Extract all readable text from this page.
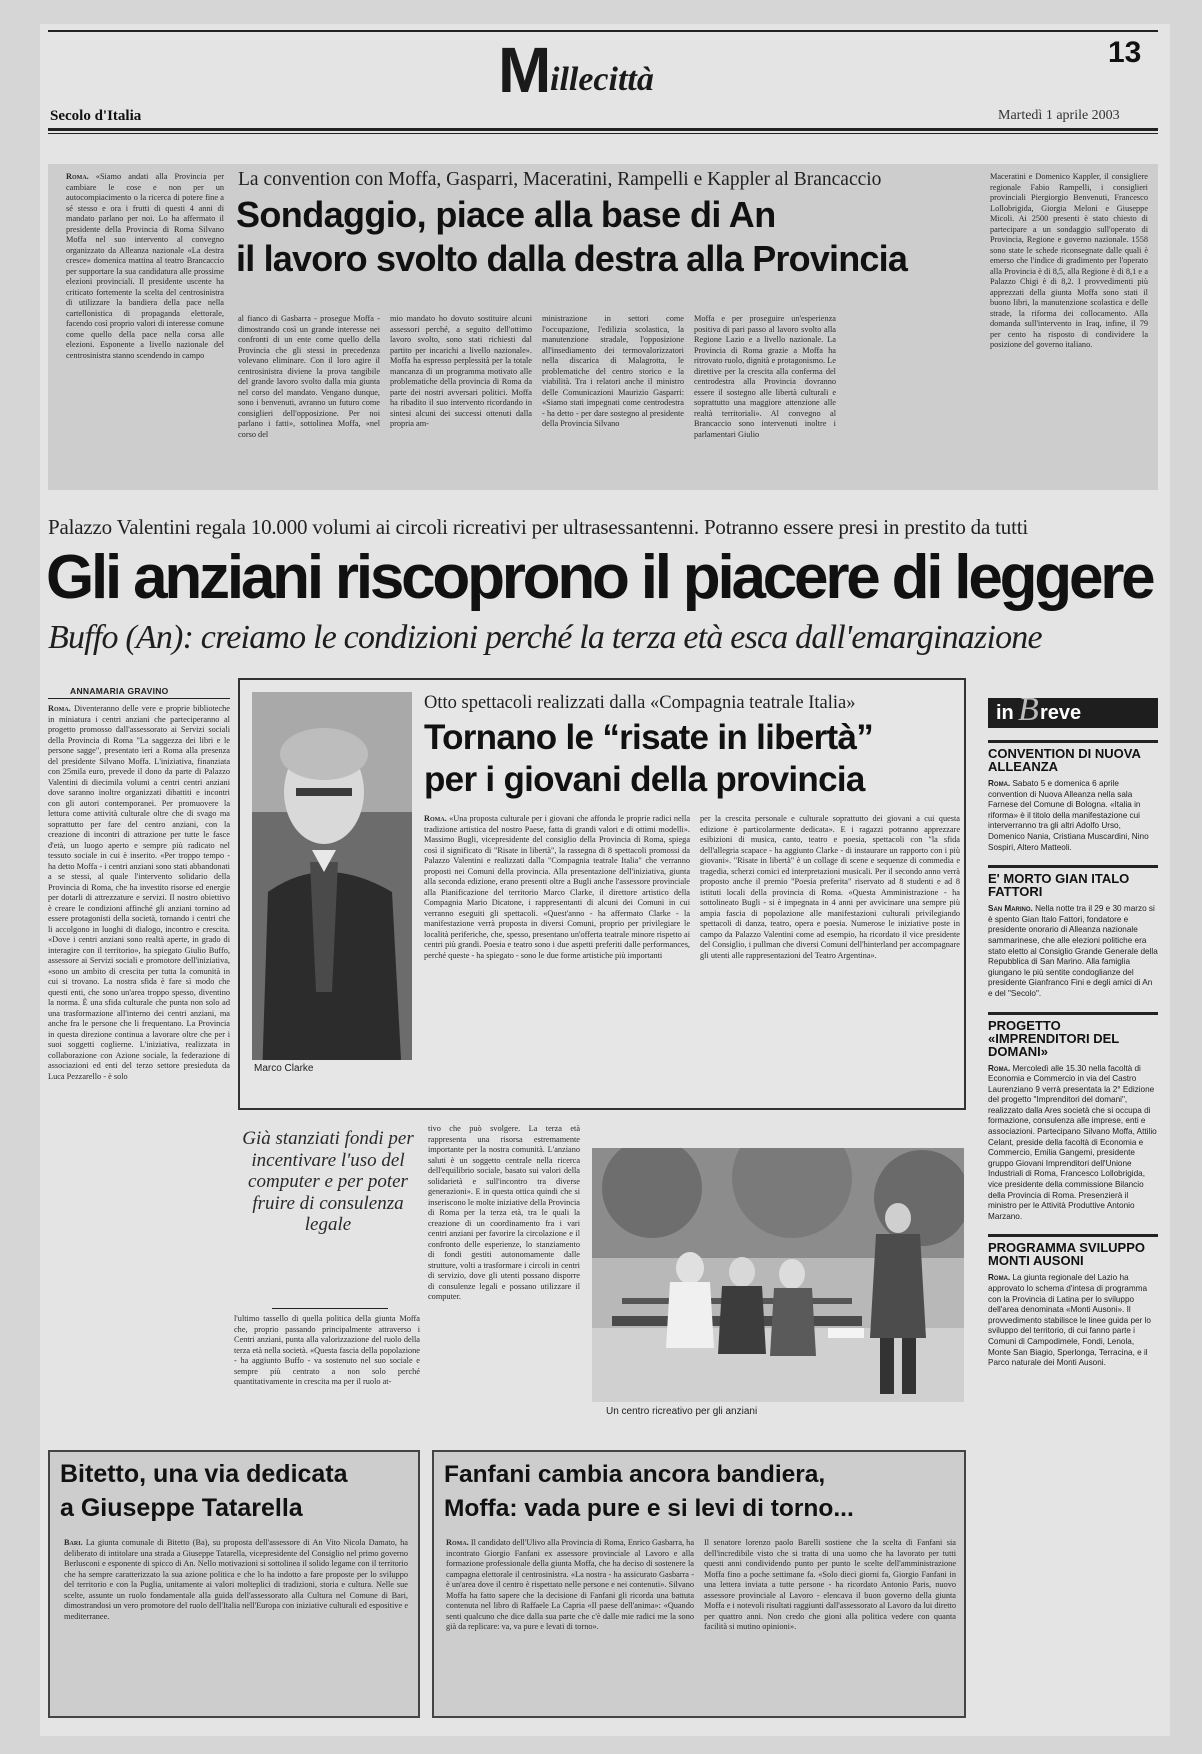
M illecittà
13
Secolo d'Italia	Martedì 1 aprile 2003
Roma. «Siamo andati alla Provincia per cambiare le cose e non per un autocompiacimento o la ricerca di potere fine a sé stesso e ora i frutti di questi 4 anni di mandato parlano per noi. Lo ha affermato il presidente della Provincia di Roma Silvano Moffa nel suo intervento al convegno organizzato da Alleanza nazionale «La destra cresce» domenica mattina al teatro Brancaccio per supportare la sua candidatura alle prossime elezioni provinciali. Il presidente uscente ha criticato fortemente la scelta del centrosinistra di utilizzare la bandiera della pace nella cartellonistica di propaganda elettorale, facendo così proprio valori di interesse comune come quello della pace nella corsa alle elezioni. Esponente a livello nazionale del centrosinistra stanno scendendo in campo
La convention con Moffa, Gasparri, Maceratini, Rampelli e Kappler al Brancaccio
Sondaggio, piace alla base di An
il lavoro svolto dalla destra alla Provincia
al fianco di Gasbarra - prosegue Moffa - dimostrando così un grande interesse nei confronti di un ente come quello della Provincia che gli stessi in precedenza volevano eliminare. Con il loro agire il centrosinistra diviene la prova tangibile del grande lavoro svolto dalla mia giunta nel corso del mandato. Vengano dunque, sono i benvenuti, avranno un futuro come consiglieri dell'opposizione. Per noi parlano i fatti», sottolinea Moffa, «nel corso del
mio mandato ho dovuto sostituire alcuni assessori perché, a seguito dell'ottimo lavoro svolto, sono stati richiesti dal partito per incarichi a livello nazionale». Moffa ha espresso perplessità per la totale mancanza di un programma motivato alle problematiche della provincia di Roma da parte dei nostri avversari politici. Moffa ha ribadito il suo intervento ricordando in sintesi alcuni dei successi ottenuti dalla propria am-
ministrazione in settori come l'occupazione, l'edilizia scolastica, la manutenzione stradale, l'opposizione all'insediamento dei termovalorizzatori nella discarica di Malagrotta, le problematiche del centro storico e la viabilità. Tra i relatori anche il ministro delle Comunicazioni Maurizio Gasparri: «Siamo stati impegnati come centrodestra - ha detto - per dare sostegno al presidente della Provincia Silvano
Moffa e per proseguire un'esperienza positiva di pari passo al lavoro svolto alla Regione Lazio e a livello nazionale. La Provincia di Roma grazie a Moffa ha ritrovato ruolo, dignità e protagonismo. Le direttive per la crescita alla conferma del centrodestra alla Provincia dovranno essere il sostegno alle libertà culturali e soprattutto una maggiore attenzione alle realtà territoriali». Al convegno al Brancaccio sono intervenuti inoltre i parlamentari Giulio
Maceratini e Domenico Kappler, il consigliere regionale Fabio Rampelli, i consiglieri provinciali Piergiorgio Benvenuti, Francesco Lollobrigida, Giorgia Meloni e Giuseppe Micoli. Ai 2500 presenti è stato chiesto di partecipare a un sondaggio sull'operato di Provincia, Regione e governo nazionale. 1558 sono state le schede riconsegnate dalle quali è emerso che l'indice di gradimento per l'operato alla Provincia è di 8,5, alla Regione è di 8,1 e a Palazzo Chigi è di 8,2. I provvedimenti più apprezzati della giunta Moffa sono stati il buono libri, la manutenzione scolastica e delle strade, la riforma dei collocamento. Alla domanda sull'intervento in Iraq, infine, il 79 per cento ha risposto di condividere la posizione del governo italiano.
Palazzo Valentini regala 10.000 volumi ai circoli ricreativi per ultrasessantenni. Potranno essere presi in prestito da tutti
Gli anziani riscoprono il piacere di leggere
Buffo (An): creiamo le condizioni perché la terza età esca dall'emarginazione
ANNAMARIA GRAVINO
Roma. Diventeranno delle vere e proprie biblioteche in miniatura i centri anziani che parteciperanno al progetto promosso dall'assessorato ai Servizi sociali della Provincia di Roma "La saggezza dei libri e le persone sagge", presentato ieri a Roma alla presenza del presidente Silvano Moffa. L'iniziativa, finanziata con 25mila euro, prevede il dono da parte di Palazzo Valentini di diecimila volumi a centri centri anziani dove saranno inoltre organizzati dibattiti e incontri con gli autori contemporanei. Per promuovere la lettura come attività culturale oltre che di svago ma soprattutto per fare del centro anziani, con la creazione di incontri di attrazione per tutte le fasce d'età, un luogo aperto e sempre più radicato nel tessuto sociale in cui è inserito. «Per troppo tempo - ha detto Moffa - i centri anziani sono stati abbandonati a se stessi, al quale l'intervento solidario della Provincia di Roma, che ha investito risorse ed energie per dotarli di attrezzature e servizi. Il nostro obiettivo è creare le condizioni affinché gli anziani tornino ad essere protagonisti della società, tornando i centri che li accolgono in luoghi di dialogo, incontro e crescita. «Dove i centri anziani sono realtà aperte, in grado di interagire con il territorio», ha spiegato Giulio Buffo, assessore ai Servizi sociali e promotore dell'iniziativa, «sono un ambito di crescita per tutta la comunità in cui si trovano. La nostra sfida è fare sì modo che questi enti, che sono un'area troppo spesso, diventino la norma. È una sfida culturale che punta non solo ad una trasformazione all'interno dei centri anziani, ma anche fra le persone che li frequentano. La Provincia in questa direzione continua a lavorare oltre che per i suoi soggetti coglierne. L'iniziativa, realizzata in collaborazione con Azione sociale, la federazione di associazioni ed enti del terzo settore presieduta da Luca Pezzarello - è solo
Marco Clarke
Otto spettacoli realizzati dalla «Compagnia teatrale Italia»
Tornano le “risate in libertà”
per i giovani della provincia
Roma. «Una proposta culturale per i giovani che affonda le proprie radici nella tradizione artistica del nostro Paese, fatta di grandi valori e di ottimi modelli». Massimo Bugli, vicepresidente del consiglio della Provincia di Roma, spiega così il significato di "Risate in libertà", la rassegna di 8 spettacoli promossi da Palazzo Valentini e realizzati dalla "Compagnia teatrale Italia" che verranno proposti nei Comuni della provincia. Alla presentazione dell'iniziativa, giunta alla seconda edizione, erano presenti oltre a Bugli anche l'assessore provinciale alla Pianificazione del territorio Marco Clarke, il direttore artistico della Compagnia Mario Dicatone, i rappresentanti di alcuni dei Comuni in cui verranno eseguiti gli spettacoli. «Quest'anno - ha affermato Clarke - la manifestazione verrà proposta in diversi Comuni, proprio per privilegiare le località periferiche, che, spesso, presentano un'offerta teatrale minore rispetto ai centri più grandi. Poesia e teatro sono i due aspetti preferiti dalle performances, perché queste - ha spiegato - sono le due forme artistiche più importanti
per la crescita personale e culturale soprattutto dei giovani a cui questa edizione è particolarmente dedicata». E i ragazzi potranno apprezzare esibizioni di musica, canto, teatro e poesia, spettacoli con "la sfida dell'allegria scapace - ha aggiunto Clarke - di instaurare un rapporto con i più giovani». "Risate in libertà" è un collage di scene e sequenze di commedia e tragedia, scherzi comici ed interpretazioni musicali. Per il secondo anno verrà proposto anche il premio "Poesia preferita" riservato ad 8 studenti e ad 8 istituti locali della provincia di Roma. «Questa Amministrazione - ha sottolineato Bugli - si è impegnata in 4 anni per avvicinare una sempre più ampia fascia di popolazione alle manifestazioni culturali privilegiando spettacoli di danza, teatro, opera e poesia. Numerose le iniziative poste in campo da Palazzo Valentini come ad esempio, ha ricordato il vice presidente del Consiglio, i pullman che diversi Comuni dell'hinterland per accompagnare gli utenti alle rappresentazioni del Teatro Argentina».
Già stanziati fondi per incentivare l'uso del computer e per poter fruire di consulenza legale
l'ultimo tassello di quella politica della giunta Moffa che, proprio passando principalmente attraverso i Centri anziani, punta alla valorizzazione del ruolo della terza età nella società. «Questa fascia della popolazione - ha aggiunto Buffo - va sostenuto nel suo sociale e sempre più centrato a non solo perché quantitativamente in crescita ma per il ruolo at-
tivo che può svolgere. La terza età rappresenta una risorsa estremamente importante per la nostra comunità. L'anziano saluti è un soggetto centrale nella ricerca dell'equilibrio sociale, basato sui valori della solidarietà e sull'incontro tra diverse generazioni». E in questa ottica quindi che si inseriscono le molte iniziative della Provincia di Roma per la terza età, tra le quali la creazione di un coordinamento fra i vari centri anziani per favorire la circolazione e il confronto delle esperienze, lo stanziamento di fondi gestiti autonomamente dalle strutture, volti a trasformare i circoli in centri di servizio, dove gli utenti possano disporre di consulenze legali e possano utilizzare il computer.
Un centro ricreativo per gli anziani
Bitetto, una via dedicata
a Giuseppe Tatarella
Bari. La giunta comunale di Bitetto (Ba), su proposta dell'assessore di An Vito Nicola Damato, ha deliberato di intitolare una strada a Giuseppe Tatarella, vicepresidente del Consiglio nel primo governo Berlusconi e esponente di spicco di An. Nello motivazioni si sottolinea il solido legame con il territorio che ha sempre caratterizzato la sua azione politica e che lo ha indotto a fare proposte per lo sviluppo del territorio e con la Puglia, unitamente ai valori molteplici di tradizioni, storia e cultura. Nelle sue scelte, assunte un ruolo fondamentale alla guida dell'assessorato alla Cultura nel Comune di Bari, dimostrandosi un vero promotore del ruolo dell'Italia nell'Europa con iniziative culturali ed espositive e mediterranee.
Fanfani cambia ancora bandiera,
Moffa: vada pure e si levi di torno...
Roma. Il candidato dell'Ulivo alla Provincia di Roma, Enrico Gasbarra, ha incontrato Giorgio Fanfani ex assessore provinciale al Lavoro e alla formazione professionale della giunta Moffa, che ha deciso di sostenere la campagna elettorale il centrosinistra. «La nostra - ha assicurato Gasbarra - è un'area dove il centro è rispettato nelle persone e nei contenuti». Silvano Moffa ha fatto sapere che la decisione di Fanfani gli ricorda una battuta contenuta nel libro di Raffaele La Capria «Il paese dell'anima»: «Quando senti qualcuno che dice dalla sua parte che c'è dalle mie radici me la sono già da replicare: va, va pure e levati di torno».
Il senatore lorenzo paolo Barelli sostiene che la scelta di Fanfani sia dell'incredibile visto che si tratta di una uomo che ha lavorato per tutti questi anni condividendo punto per punto le scelte dell'amministrazione Moffa fino a poche settimane fa. «Solo dieci giorni fa, Giorgio Fanfani in una lettera inviata a tutte persone - ha ricordato Antonio Paris, nuovo assessore provinciale al Lavoro - elencava il buon governo della giunta Moffa e i notevoli risultati raggiunti dall'assessorato al Lavoro da lui diretto per quattro anni. Non credo che gioni alla politica vedere con quanta facilità si mutino opinioni».
in B reve
CONVENTION DI NUOVA ALLEANZA
Roma. Sabato 5 e domenica 6 aprile convention di Nuova Alleanza nella sala Farnese del Comune di Bologna. «Italia in riforma» è il titolo della manifestazione cui interverranno tra gli altri Adolfo Urso, Domenico Nania, Cristiana Muscardini, Nino Sospiri, Altero Matteoli.
E' MORTO GIAN ITALO FATTORI
San Marino. Nella notte tra il 29 e 30 marzo si è spento Gian Italo Fattori, fondatore e presidente onorario di Alleanza nazionale sammarinese, che alle elezioni politiche era stato eletto al Consiglio Grande Generale della Repubblica di San Marino. Alla famiglia giungano le più sentite condoglianze del presidente Gianfranco Fini e degli amici di An e del "Secolo".
PROGETTO «IMPRENDITORI DEL DOMANI»
Roma. Mercoledì alle 15.30 nella facoltà di Economia e Commercio in via del Castro Laurenziano 9 verrà presentata la 2° Edizione del progetto "Imprenditori del domani", realizzato dalla Ares società che si occupa di formazione, consulenza alle imprese, enti e associazioni. Partecipano Silvano Moffa, Attilio Celant, preside della facoltà di Economia e Commercio, Emilia Gangemi, presidente gruppo Giovani Imprenditori dell'Unione Industriali di Roma, Francesco Lollobrigida, vice presidente della commissione Bilancio della Provincia di Roma. Presenzierà il ministro per le Attività Produttive Antonio Marzano.
PROGRAMMA SVILUPPO MONTI AUSONI
Roma. La giunta regionale del Lazio ha approvato lo schema d'intesa di programma con la Provincia di Latina per lo sviluppo dell'area denominata «Monti Ausoni». Il provvedimento stabilisce le linee guida per lo sviluppo del territorio, di cui fanno parte i Comuni di Campodimele, Fondi, Lenola, Monte San Biagio, Sperlonga, Terracina, e il Parco naturale dei Monti Ausoni.
